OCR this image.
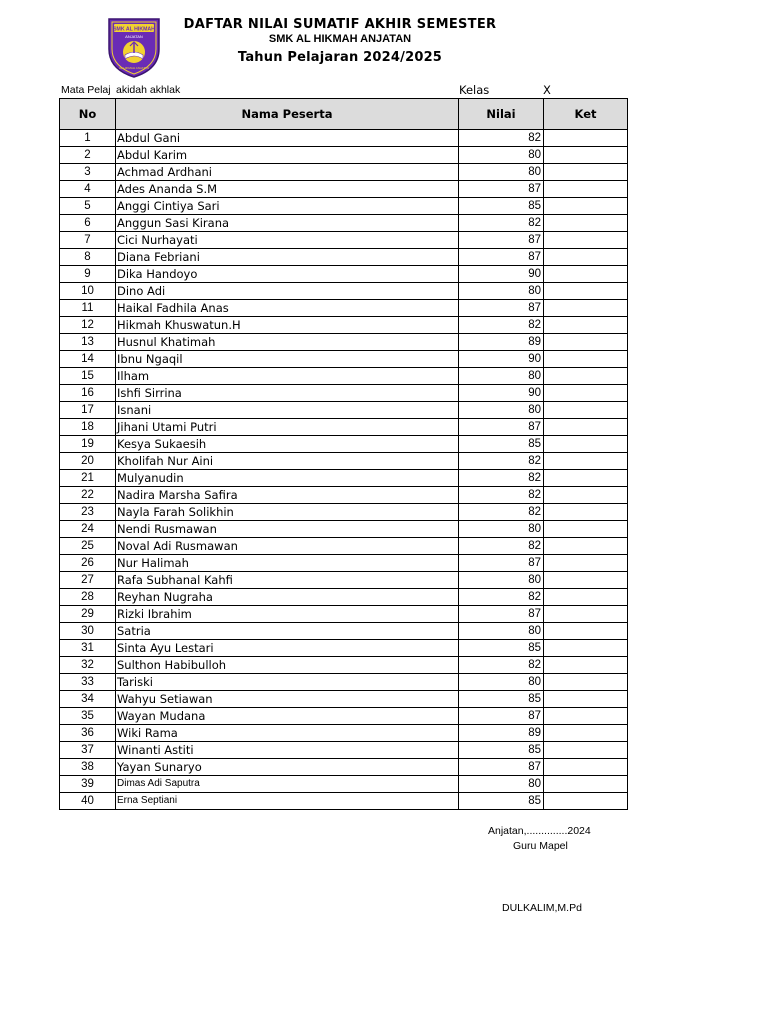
SMK AL HIKMAH
ANJATAN
AL HIKMAH ANJATAN
DAFTAR NILAI SUMATIF AKHIR SEMESTER
SMK AL HIKMAH ANJATAN
Tahun Pelajaran 2024/2025
Mata Pelaj akidah akhlak	Kelas	X
No	Nama Peserta	Nilai	Ket
1	Abdul Gani	82	
2	Abdul Karim	80	
3	Achmad Ardhani	80	
4	Ades Ananda S.M	87	
5	Anggi Cintiya Sari	85	
6	Anggun Sasi Kirana	82	
7	Cici Nurhayati	87	
8	Diana Febriani	87	
9	Dika Handoyo	90	
10	Dino Adi	80	
11	Haikal Fadhila Anas	87	
12	Hikmah Khuswatun.H	82	
13	Husnul Khatimah	89	
14	Ibnu Ngaqil	90	
15	Ilham	80	
16	Ishfi Sirrina	90	
17	Isnani	80	
18	Jihani Utami Putri	87	
19	Kesya Sukaesih	85	
20	Kholifah Nur Aini	82	
21	Mulyanudin	82	
22	Nadira Marsha Safira	82	
23	Nayla Farah Solikhin	82	
24	Nendi Rusmawan	80	
25	Noval Adi Rusmawan	82	
26	Nur Halimah	87	
27	Rafa Subhanal Kahfi	80	
28	Reyhan Nugraha	82	
29	Rizki Ibrahim	87	
30	Satria	80	
31	Sinta Ayu Lestari	85	
32	Sulthon Habibulloh	82	
33	Tariski	80	
34	Wahyu Setiawan	85	
35	Wayan Mudana	87	
36	Wiki Rama	89	
37	Winanti Astiti	85	
38	Yayan Sunaryo	87	
39	Dimas Adi Saputra	80	
40	Erna Septiani	85	
Anjatan,..............2024
Guru Mapel
DULKALIM,M.Pd
